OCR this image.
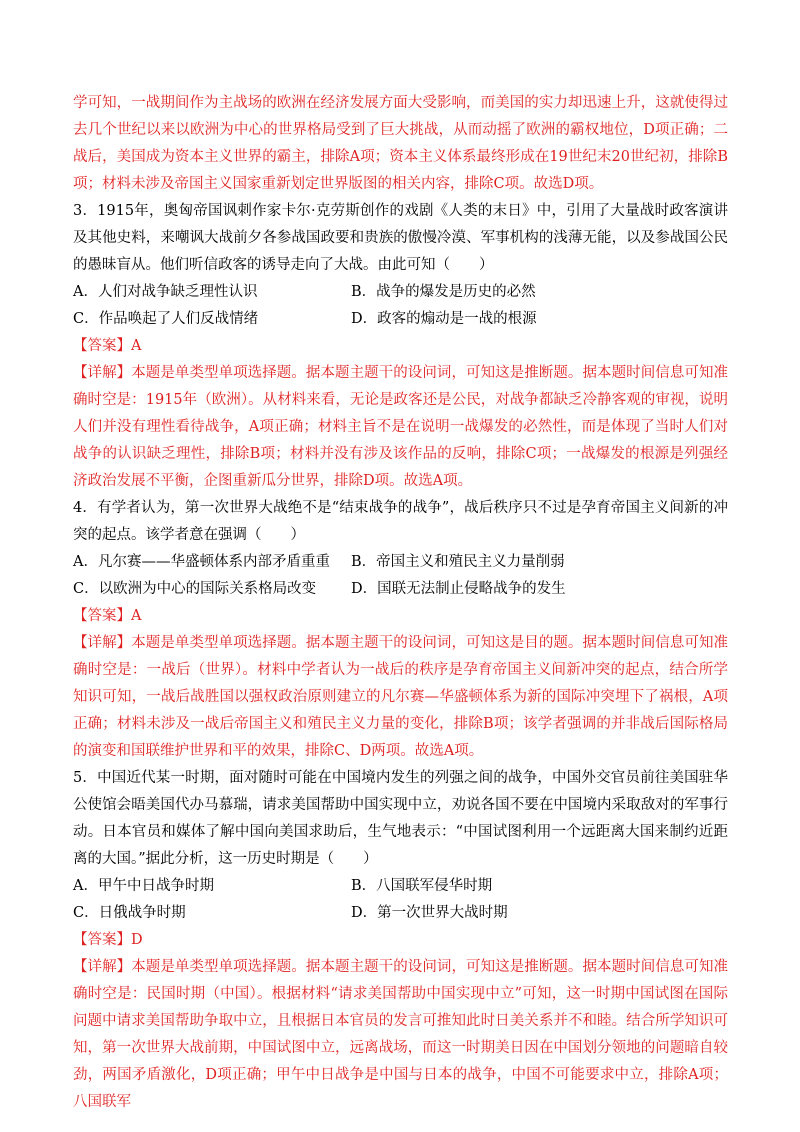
学可知，一战期间作为主战场的欧洲在经济发展方面大受影响，而美国的实力却迅速上升，这就使得过去几个世纪以来以欧洲为中心的世界格局受到了巨大挑战，从而动摇了欧洲的霸权地位，D项正确；二战后，美国成为资本主义世界的霸主，排除A项；资本主义体系最终形成在19世纪末20世纪初，排除B项；材料未涉及帝国主义国家重新划定世界版图的相关内容，排除C项。故选D项。

3．1915年，奥匈帝国讽刺作家卡尔·克劳斯创作的戏剧《人类的末日》中，引用了大量战时政客演讲及其他史料，来嘲讽大战前夕各参战国政要和贵族的傲慢冷漠、军事机构的浅薄无能，以及参战国公民的愚昧盲从。他们听信政客的诱导走向了大战。由此可知（　　）

A．人们对战争缺乏理性认识	B．战争的爆发是历史的必然
C．作品唤起了人们反战情绪	D．政客的煽动是一战的根源

【答案】A

【详解】本题是单类型单项选择题。据本题主题干的设问词，可知这是推断题。据本题时间信息可知准确时空是：1915年（欧洲）。从材料来看，无论是政客还是公民，对战争都缺乏冷静客观的审视，说明人们并没有理性看待战争，A项正确；材料主旨不是在说明一战爆发的必然性，而是体现了当时人们对战争的认识缺乏理性，排除B项；材料并没有涉及该作品的反响，排除C项；一战爆发的根源是列强经济政治发展不平衡，企图重新瓜分世界，排除D项。故选A项。

4．有学者认为，第一次世界大战绝不是“结束战争的战争”，战后秩序只不过是孕育帝国主义间新的冲突的起点。该学者意在强调（　　）

A．凡尔赛——华盛顿体系内部矛盾重重 B．帝国主义和殖民主义力量削弱
C．以欧洲为中心的国际关系格局改变 D．国联无法制止侵略战争的发生

【答案】A

【详解】本题是单类型单项选择题。据本题主题干的设问词，可知这是目的题。据本题时间信息可知准确时空是：一战后（世界）。材料中学者认为一战后的秩序是孕育帝国主义间新冲突的起点，结合所学知识可知，一战后战胜国以强权政治原则建立的凡尔赛—华盛顿体系为新的国际冲突埋下了祸根，A项正确；材料未涉及一战后帝国主义和殖民主义力量的变化，排除B项；该学者强调的并非战后国际格局的演变和国联维护世界和平的效果，排除C、D两项。故选A项。

5．中国近代某一时期，面对随时可能在中国境内发生的列强之间的战争，中国外交官员前往美国驻华公使馆会晤美国代办马慕瑞，请求美国帮助中国实现中立，劝说各国不要在中国境内采取敌对的军事行动。日本官员和媒体了解中国向美国求助后，生气地表示：“中国试图利用一个远距离大国来制约近距离的大国。”据此分析，这一历史时期是（　　）

A．甲午中日战争时期	B．八国联军侵华时期
C．日俄战争时期	D．第一次世界大战时期

【答案】D

【详解】本题是单类型单项选择题。据本题主题干的设问词，可知这是推断题。据本题时间信息可知准确时空是：民国时期（中国）。根据材料“请求美国帮助中国实现中立”可知，这一时期中国试图在国际问题中请求美国帮助争取中立，且根据日本官员的发言可推知此时日美关系并不和睦。结合所学知识可知，第一次世界大战前期，中国试图中立，远离战场，而这一时期美日因在中国划分领地的问题暗自较劲，两国矛盾激化，D项正确；甲午中日战争是中国与日本的战争，中国不可能要求中立，排除A项；八国联军
